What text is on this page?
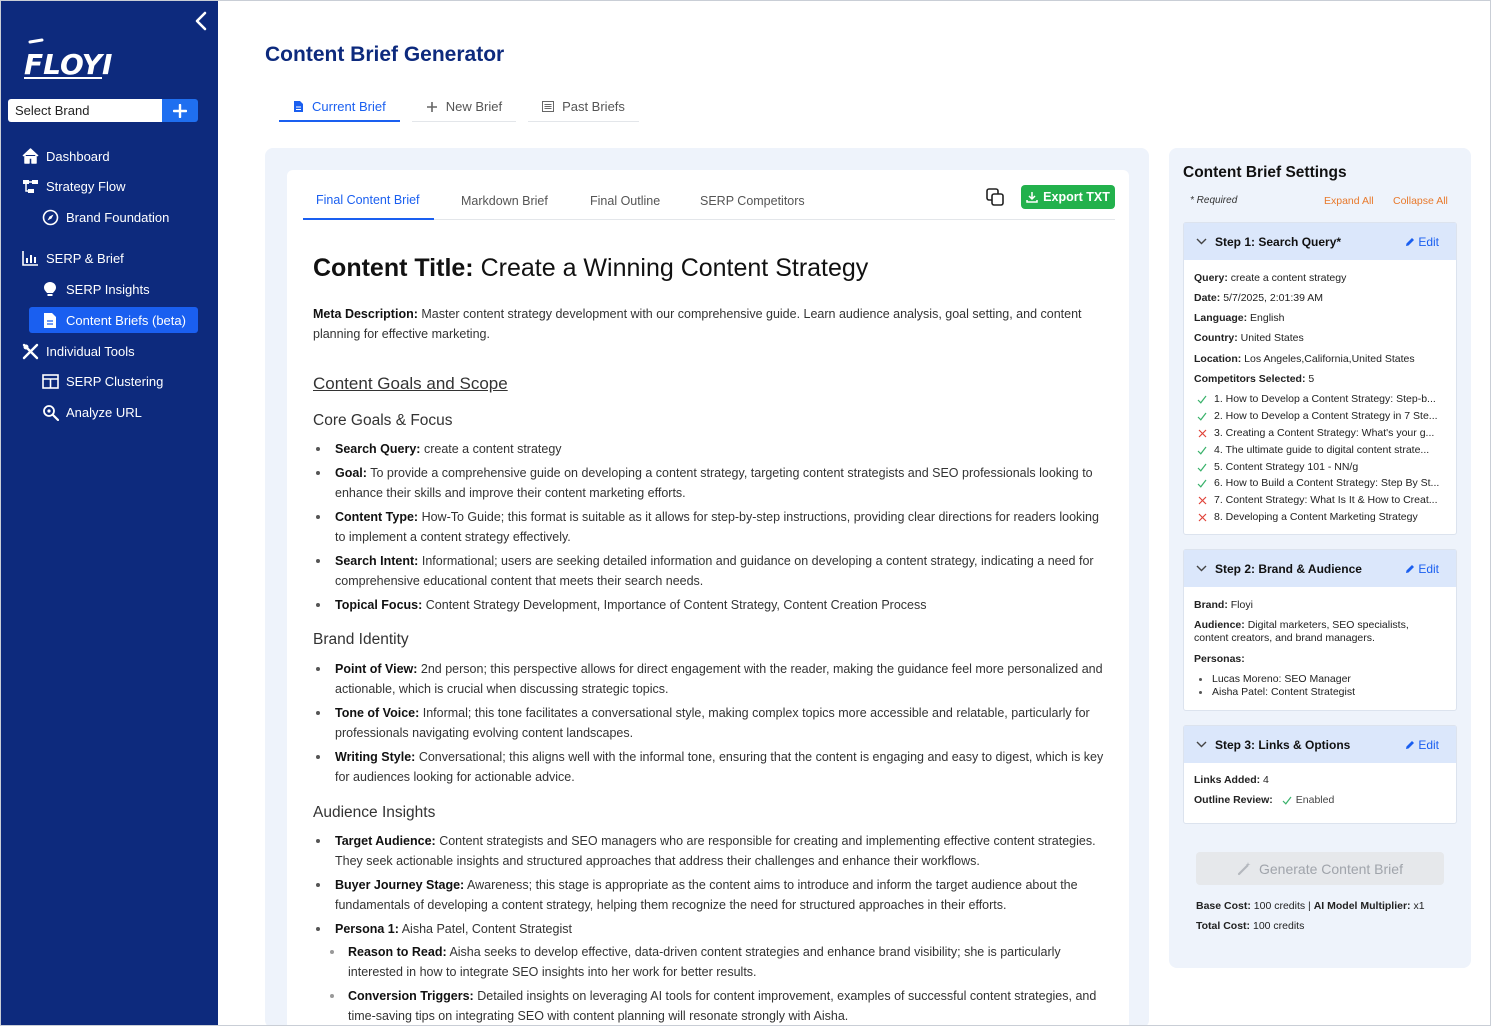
FLOYI
Select Brand
Dashboard
Strategy Flow
Brand Foundation
SERP & Brief
SERP Insights
Content Briefs (beta)
Individual Tools
SERP Clustering
Analyze URL
Content Brief Generator
Current Brief	New Brief	Past Briefs
Final Content Brief	Markdown Brief	Final Outline	SERP Competitors	Export TXT
Content Title: Create a Winning Content Strategy
Meta Description: Master content strategy development with our comprehensive guide. Learn audience analysis, goal setting, and content planning for effective marketing.
Content Goals and Scope
Core Goals & Focus
Search Query: create a content strategy
Goal: To provide a comprehensive guide on developing a content strategy, targeting content strategists and SEO professionals looking to enhance their skills and improve their content marketing efforts.
Content Type: How-To Guide; this format is suitable as it allows for step-by-step instructions, providing clear directions for readers looking to implement a content strategy effectively.
Search Intent: Informational; users are seeking detailed information and guidance on developing a content strategy, indicating a need for comprehensive educational content that meets their search needs.
Topical Focus: Content Strategy Development, Importance of Content Strategy, Content Creation Process
Brand Identity
Point of View: 2nd person; this perspective allows for direct engagement with the reader, making the guidance feel more personalized and actionable, which is crucial when discussing strategic topics.
Tone of Voice: Informal; this tone facilitates a conversational style, making complex topics more accessible and relatable, particularly for professionals navigating evolving content landscapes.
Writing Style: Conversational; this aligns well with the informal tone, ensuring that the content is engaging and easy to digest, which is key for audiences looking for actionable advice.
Audience Insights
Target Audience: Content strategists and SEO managers who are responsible for creating and implementing effective content strategies. They seek actionable insights and structured approaches that address their challenges and enhance their workflows.
Buyer Journey Stage: Awareness; this stage is appropriate as the content aims to introduce and inform the target audience about the fundamentals of developing a content strategy, helping them recognize the need for structured approaches in their efforts.
Persona 1: Aisha Patel, Content Strategist
Reason to Read: Aisha seeks to develop effective, data-driven content strategies and enhance brand visibility; she is particularly interested in how to integrate SEO insights into her work for better results.
Conversion Triggers: Detailed insights on leveraging AI tools for content improvement, examples of successful content strategies, and time-saving tips on integrating SEO with content planning will resonate strongly with Aisha.
Content Brief Settings
* Required	Expand All Collapse All
Step 1: Search Query*	Edit
Query: create a content strategy
Date: 5/7/2025, 2:01:39 AM
Language: English
Country: United States
Location: Los Angeles,California,United States
Competitors Selected: 5
1. How to Develop a Content Strategy: Step-b...
2. How to Develop a Content Strategy in 7 Ste...
3. Creating a Content Strategy: What's your g...
4. The ultimate guide to digital content strate...
5. Content Strategy 101 - NN/g
6. How to Build a Content Strategy: Step By St...
7. Content Strategy: What Is It & How to Creat...
8. Developing a Content Marketing Strategy
Step 2: Brand & Audience	Edit
Brand: Floyi
Audience: Digital marketers, SEO specialists,
content creators, and brand managers.
Personas:
Lucas Moreno: SEO Manager
Aisha Patel: Content Strategist
Step 3: Links & Options	Edit
Links Added: 4
Outline Review: Enabled
Generate Content Brief
Base Cost: 100 credits | AI Model Multiplier: x1
Total Cost: 100 credits
